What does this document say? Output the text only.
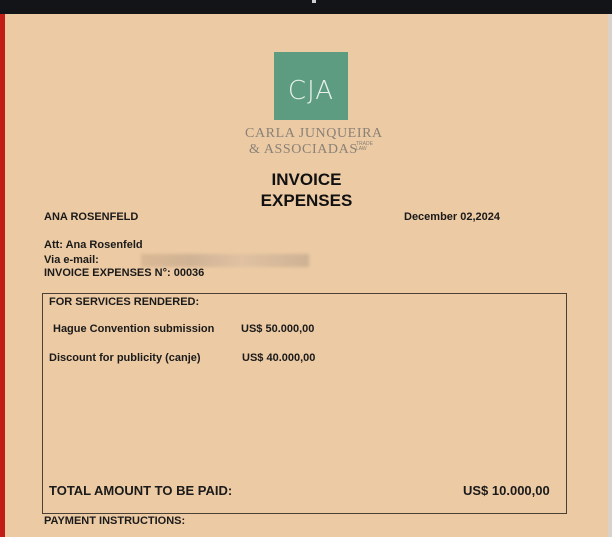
CJA
CARLA JUNQUEIRA
& ASSOCIADAS
TRADE LAW
INVOICE
EXPENSES
ANA ROSENFELD	December 02,2024
Att: Ana Rosenfeld
Via e-mail:
INVOICE EXPENSES N°: 00036
FOR SERVICES RENDERED:
Hague Convention submission US$ 50.000,00
Discount for publicity (canje)	US$ 40.000,00
TOTAL AMOUNT TO BE PAID:	US$ 10.000,00
PAYMENT INSTRUCTIONS:
